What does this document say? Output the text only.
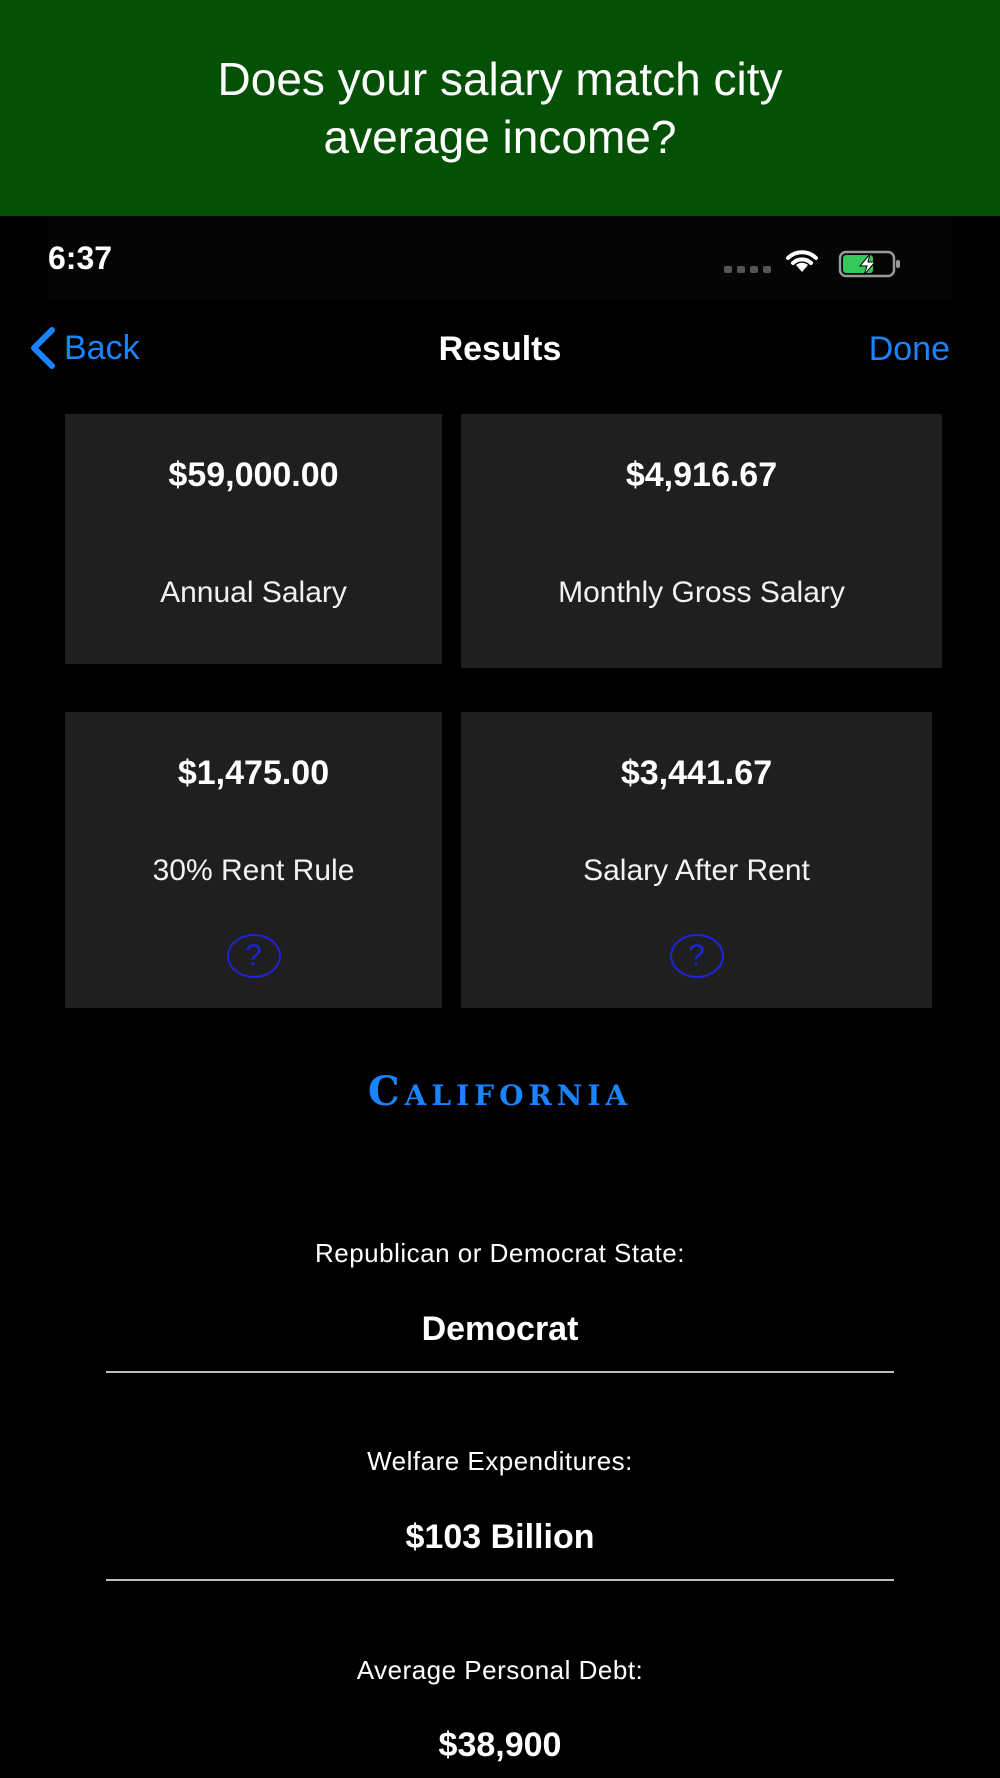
Does your salary match city average income?
6:37
Back	Results	Done
$59,000.00
Annual Salary
$4,916.67
Monthly Gross Salary
$1,475.00
30% Rent Rule
?
$3,441.67
Salary After Rent
?
California
Republican or Democrat State:
Democrat
Welfare Expenditures:
$103 Billion
Average Personal Debt:
$38,900
